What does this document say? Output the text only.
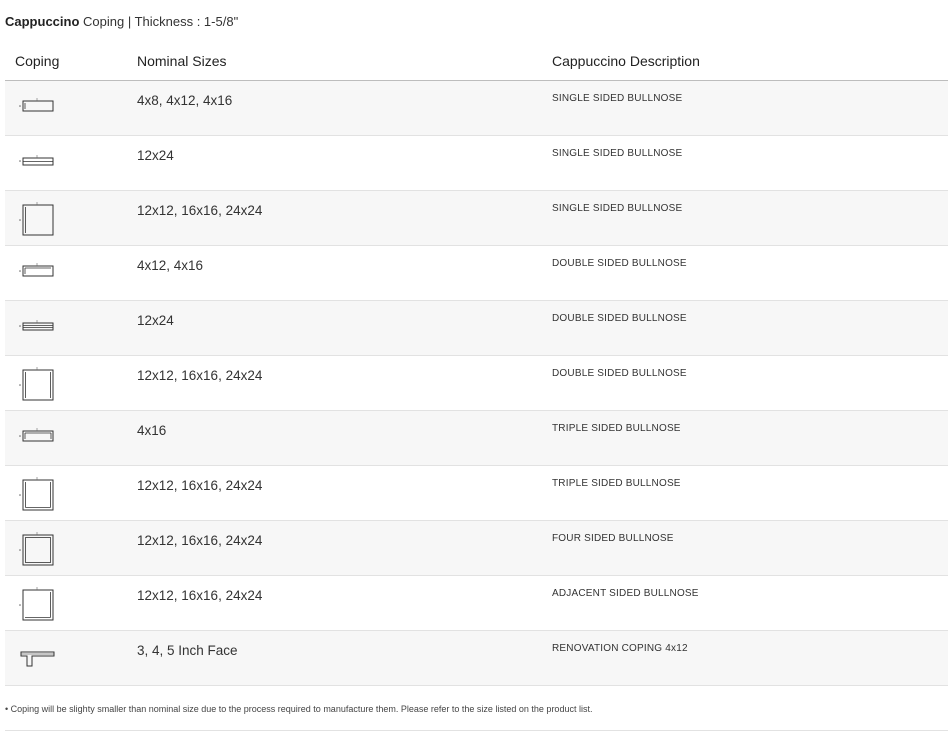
Cappuccino Coping | Thickness : 1-5/8"
Coping	Nominal Sizes	Cappuccino Description

4x8, 4x12, 4x16	SINGLE SIDED BULLNOSE

12x24	SINGLE SIDED BULLNOSE

12x12, 16x16, 24x24	SINGLE SIDED BULLNOSE

4x12, 4x16	DOUBLE SIDED BULLNOSE

12x24	DOUBLE SIDED BULLNOSE

12x12, 16x16, 24x24	DOUBLE SIDED BULLNOSE

4x16	TRIPLE SIDED BULLNOSE

12x12, 16x16, 24x24	TRIPLE SIDED BULLNOSE

12x12, 16x16, 24x24	FOUR SIDED BULLNOSE

12x12, 16x16, 24x24	ADJACENT SIDED BULLNOSE

3, 4, 5 Inch Face	RENOVATION COPING 4x12
• Coping will be slighty smaller than nominal size due to the process required to manufacture them. Please refer to the size listed on the product list.
